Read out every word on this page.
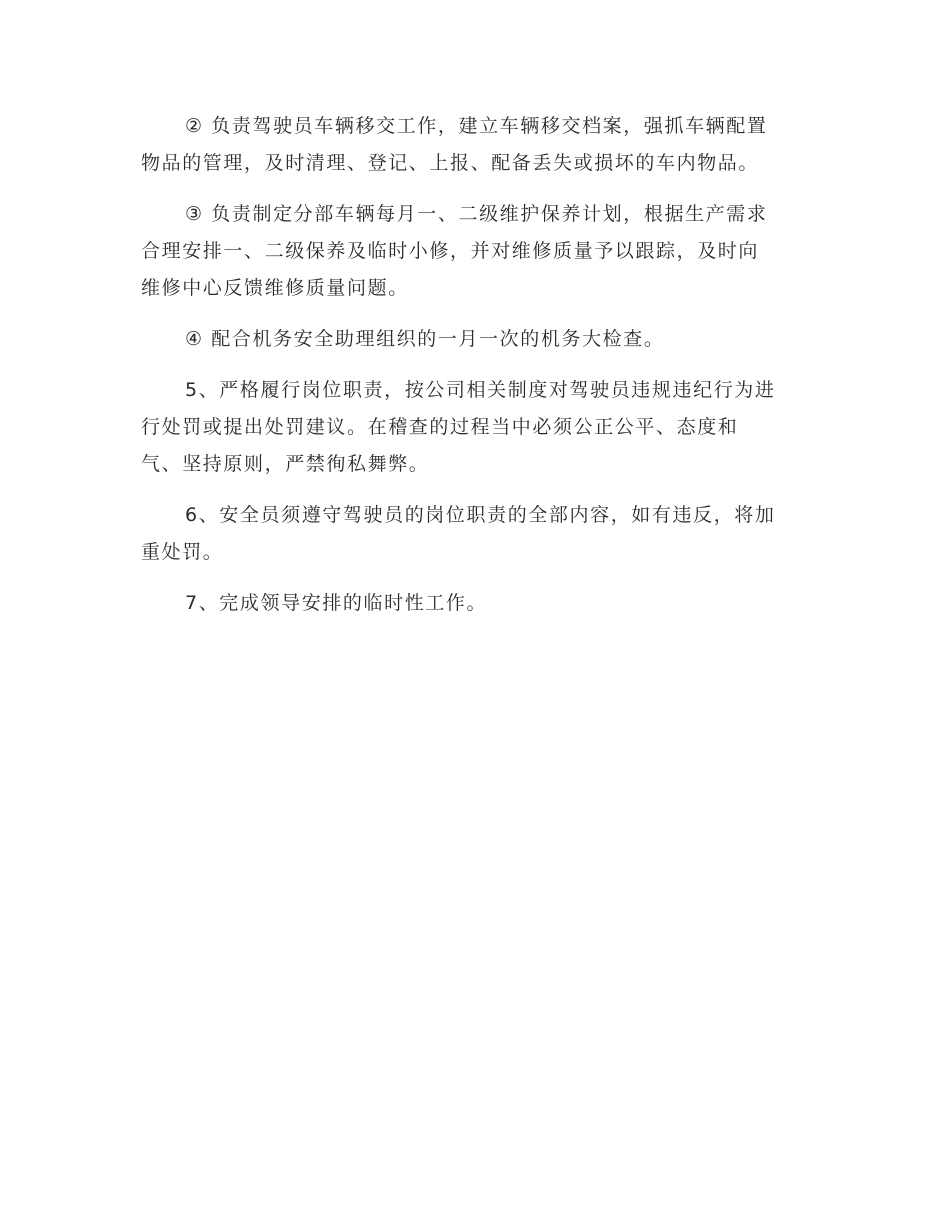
② 负责驾驶员车辆移交工作，建立车辆移交档案，强抓车辆配置
物品的管理，及时清理、登记、上报、配备丢失或损坏的车内物品。

③ 负责制定分部车辆每月一、二级维护保养计划，根据生产需求
合理安排一、二级保养及临时小修，并对维修质量予以跟踪，及时向
维修中心反馈维修质量问题。

④ 配合机务安全助理组织的一月一次的机务大检查。

5、严格履行岗位职责，按公司相关制度对驾驶员违规违纪行为进
行处罚或提出处罚建议。在稽查的过程当中必须公正公平、态度和
气、坚持原则，严禁徇私舞弊。

6、安全员须遵守驾驶员的岗位职责的全部内容，如有违反，将加
重处罚。

7、完成领导安排的临时性工作。
